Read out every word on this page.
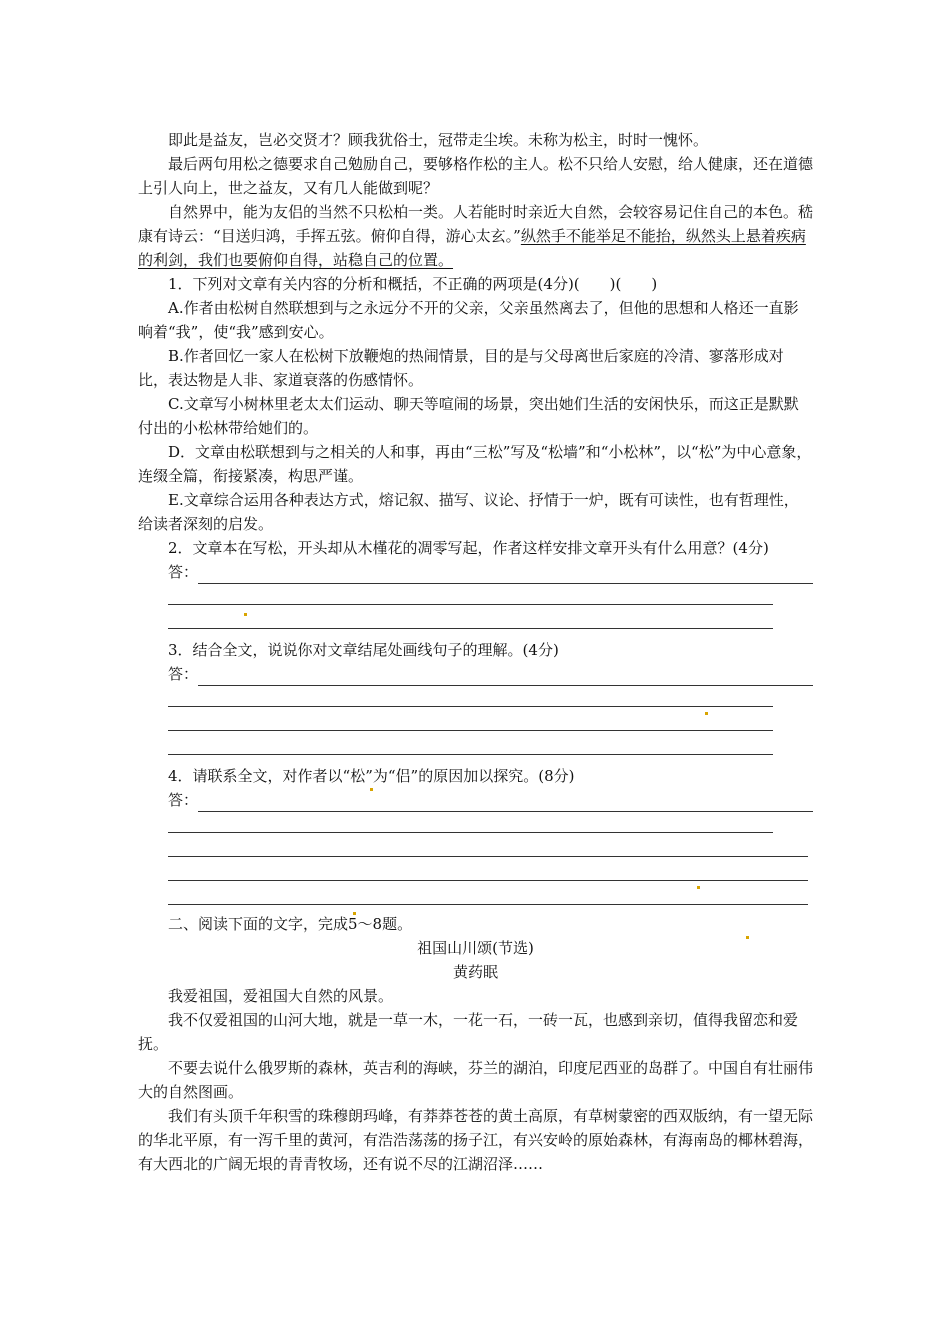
即此是益友，岂必交贤才？顾我犹俗士，冠带走尘埃。未称为松主，时时一愧怀。

最后两句用松之德要求自己勉励自己，要够格作松的主人。松不只给人安慰，给人健康，还在道德上引人向上，世之益友，又有几人能做到呢？

自然界中，能为友侣的当然不只松柏一类。人若能时时亲近大自然，会较容易记住自己的本色。嵇康有诗云：“目送归鸿，手挥五弦。俯仰自得，游心太玄。”纵然手不能举足不能抬，纵然头上悬着疾病的利剑，我们也要俯仰自得，站稳自己的位置。

1．下列对文章有关内容的分析和概括，不正确的两项是(4分)(　　)(　　)

A.作者由松树自然联想到与之永远分不开的父亲，父亲虽然离去了，但他的思想和人格还一直影响着“我”，使“我”感到安心。

B.作者回忆一家人在松树下放鞭炮的热闹情景，目的是与父母离世后家庭的冷清、寥落形成对比，表达物是人非、家道衰落的伤感情怀。

C.文章写小树林里老太太们运动、聊天等喧闹的场景，突出她们生活的安闲快乐，而这正是默默付出的小松林带给她们的。

D．文章由松联想到与之相关的人和事，再由“三松”写及“松墙”和“小松林”，以“松”为中心意象，连缀全篇，衔接紧凑，构思严谨。

E.文章综合运用各种表达方式，熔记叙、描写、议论、抒情于一炉，既有可读性，也有哲理性，给读者深刻的启发。

2．文章本在写松，开头却从木槿花的凋零写起，作者这样安排文章开头有什么用意？(4分)

答：

3．结合全文，说说你对文章结尾处画线句子的理解。(4分)

答：

4．请联系全文，对作者以“松”为“侣”的原因加以探究。(8分)

答：

二、阅读下面的文字，完成5～8题。

祖国山川颂(节选)

黄药眠

我爱祖国，爱祖国大自然的风景。

我不仅爱祖国的山河大地，就是一草一木，一花一石，一砖一瓦，也感到亲切，值得我留恋和爱抚。

不要去说什么俄罗斯的森林，英吉利的海峡，芬兰的湖泊，印度尼西亚的岛群了。中国自有壮丽伟大的自然图画。

我们有头顶千年积雪的珠穆朗玛峰，有莽莽苍苍的黄土高原，有草树蒙密的西双版纳，有一望无际的华北平原，有一泻千里的黄河，有浩浩荡荡的扬子江，有兴安岭的原始森林，有海南岛的椰林碧海，有大西北的广阔无垠的青青牧场，还有说不尽的江湖沼泽……
